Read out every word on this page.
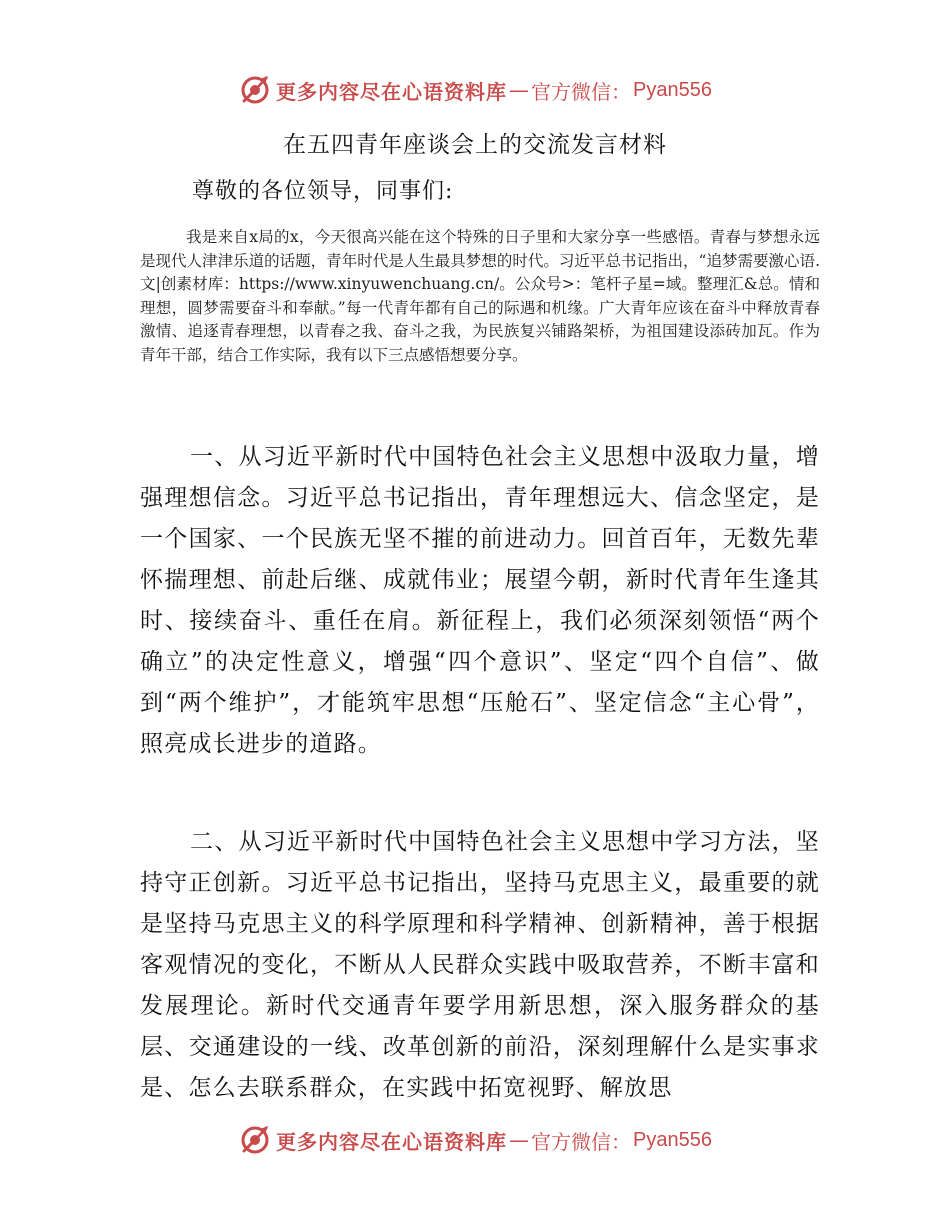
更多内容尽在心语资料库 — 官方微信： Pyan556
在五四青年座谈会上的交流发言材料
尊敬的各位领导，同事们:

我是来自x局的x，今天很高兴能在这个特殊的日子里和大家分享一些感悟。青春与梦想永远是现代人津津乐道的话题，青年时代是人生最具梦想的时代。习近平总书记指出，“追梦需要激心语.文|创素材库：https://www.xinyuwenchuang.cn/。公众号>：笔杆子星=域。整理汇&总。情和理想，圆梦需要奋斗和奉献。”每一代青年都有自己的际遇和机缘。广大青年应该在奋斗中释放青春激情、追逐青春理想，以青春之我、奋斗之我，为民族复兴铺路架桥，为祖国建设添砖加瓦。作为青年干部，结合工作实际，我有以下三点感悟想要分享。

一、从习近平新时代中国特色社会主义思想中汲取力量，增强理想信念。习近平总书记指出，青年理想远大、信念坚定，是一个国家、一个民族无坚不摧的前进动力。回首百年，无数先辈怀揣理想、前赴后继、成就伟业；展望今朝，新时代青年生逢其时、接续奋斗、重任在肩。新征程上，我们必须深刻领悟“两个确立”的决定性意义，增强“四个意识”、坚定“四个自信”、做到“两个维护”，才能筑牢思想“压舱石”、坚定信念“主心骨”，照亮成长进步的道路。

二、从习近平新时代中国特色社会主义思想中学习方法，坚持守正创新。习近平总书记指出，坚持马克思主义，最重要的就是坚持马克思主义的科学原理和科学精神、创新精神，善于根据客观情况的变化，不断从人民群众实践中吸取营养，不断丰富和发展理论。新时代交通青年要学用新思想，深入服务群众的基层、交通建设的一线、改革创新的前沿，深刻理解什么是实事求是、怎么去联系群众，在实践中拓宽视野、解放思

更多内容尽在心语资料库 — 官方微信： Pyan556
